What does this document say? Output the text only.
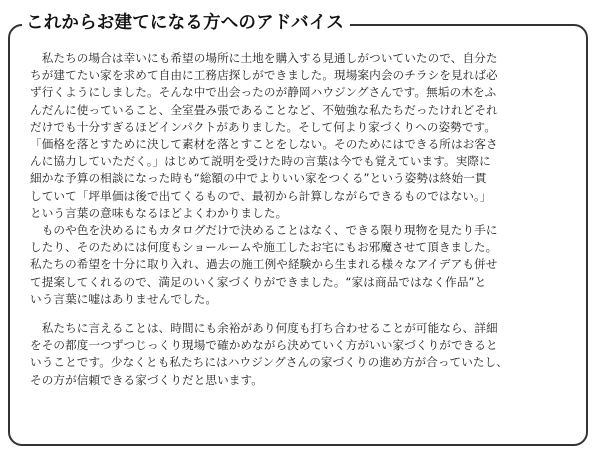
これからお建てになる方へのアドバイス

　私たちの場合は幸いにも希望の場所に土地を購入する見通しがついていたので、自分た
ちが建てたい家を求めて自由に工務店探しができました。現場案内会のチラシを見れば必
ず行くようにしました。そんな中で出会ったのが静岡ハウジングさんです。無垢の木をふ
んだんに使っていること、全室畳み張であることなど、不勉強な私たちだったけれどそれ
だけでも十分すぎるほどインパクトがありました。そして何より家づくりへの姿勢です。
「価格を落とすために決して素材を落とすことをしない。そのためにはできる所はお客さ
んに協力していただく。」はじめて説明を受けた時の言葉は今でも覚えています。実際に
細かな予算の相談になった時も“総額の中でよりいい家をつくる”という姿勢は終始一貫
していて「坪単価は後で出てくるもので、最初から計算しながらできるものではない。」
という言葉の意味もなるほどよくわかりました。
　ものや色を決めるにもカタログだけで決めることはなく、できる限り現物を見たり手に
したり、そのためには何度もショールームや施工したお宅にもお邪魔させて頂きました。
私たちの希望を十分に取り入れ、過去の施工例や経験から生まれる様々なアイデアも併せ
て提案してくれるので、満足のいく家づくりができました。“家は商品ではなく作品”と
いう言葉に嘘はありませんでした。

　私たちに言えることは、時間にも余裕があり何度も打ち合わせることが可能なら、詳細
をその都度一つずつじっくり現場で確かめながら決めていく方がいい家づくりができると
いうことです。少なくとも私たちにはハウジングさんの家づくりの進め方が合っていたし、
その方が信頼できる家づくりだと思います。
